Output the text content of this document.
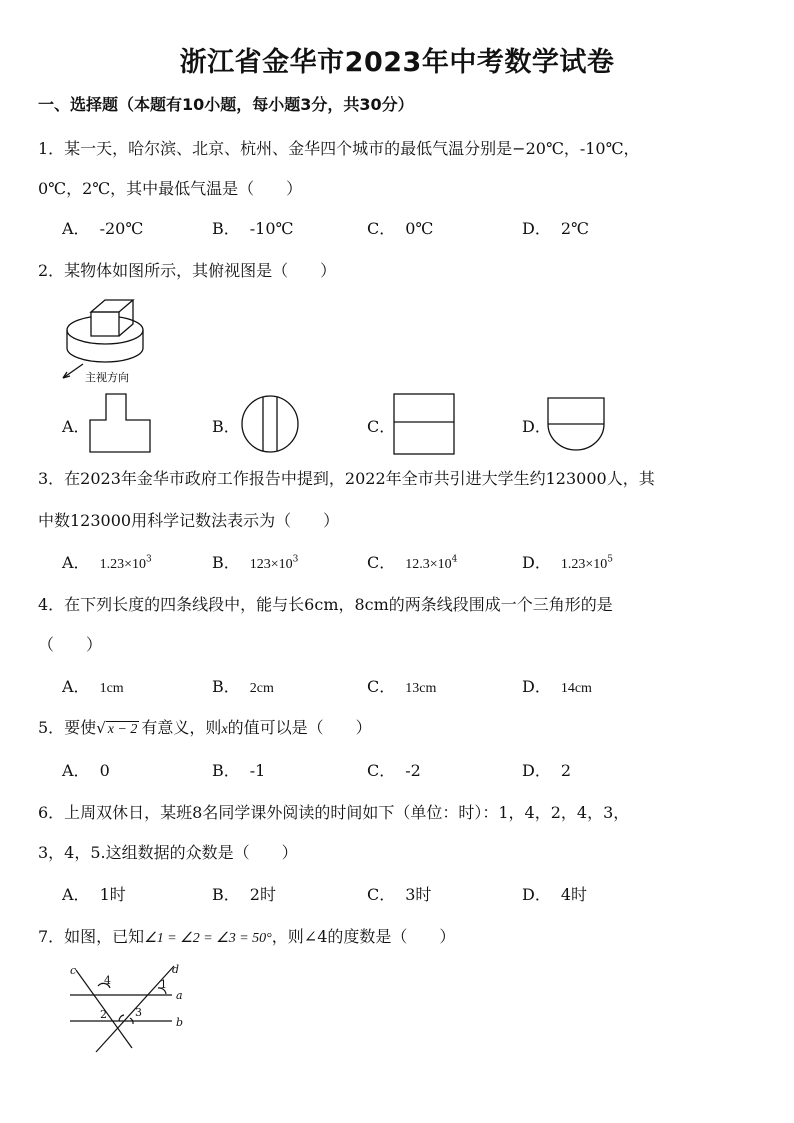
浙江省金华市2023年中考数学试卷
一、选择题（本题有10小题，每小题3分，共30分）
1．某一天，哈尔滨、北京、杭州、金华四个城市的最低气温分别是−20℃，-10℃，
0℃，2℃，其中最低气温是（　　）
A． -20℃	B． -10℃	C． 0℃	D． 2℃
2．某物体如图所示，其俯视图是（　　）
主视方向
A．	B．	C．	D．
3．在2023年金华市政府工作报告中提到，2022年全市共引进大学生约123000人，其
中数123000用科学记数法表示为（　　）
A． $1.23\times 10^3$	B． $123\times 10^3$	C． $12.3\times 10^4$	D． $1.23\times 10^5$
4．在下列长度的四条线段中，能与长6cm，8cm的两条线段围成一个三角形的是
（　　）
A． 1cm	B． 2cm	C． 13cm	D． 14cm
5．要使√ x − 2 有意义，则x的值可以是（　　）
A． 0	B． -1	C． -2	D． 2
6．上周双休日，某班8名同学课外阅读的时间如下（单位：时）：1，4，2，4，3，
3，4，5.这组数据的众数是（　　）
A． 1时	B． 2时	C． 3时	D． 4时
7．如图，已知∠1 = ∠2 = ∠3 = 50°，则∠4的度数是（　　）
c	d
a
b
1
2	3
4
